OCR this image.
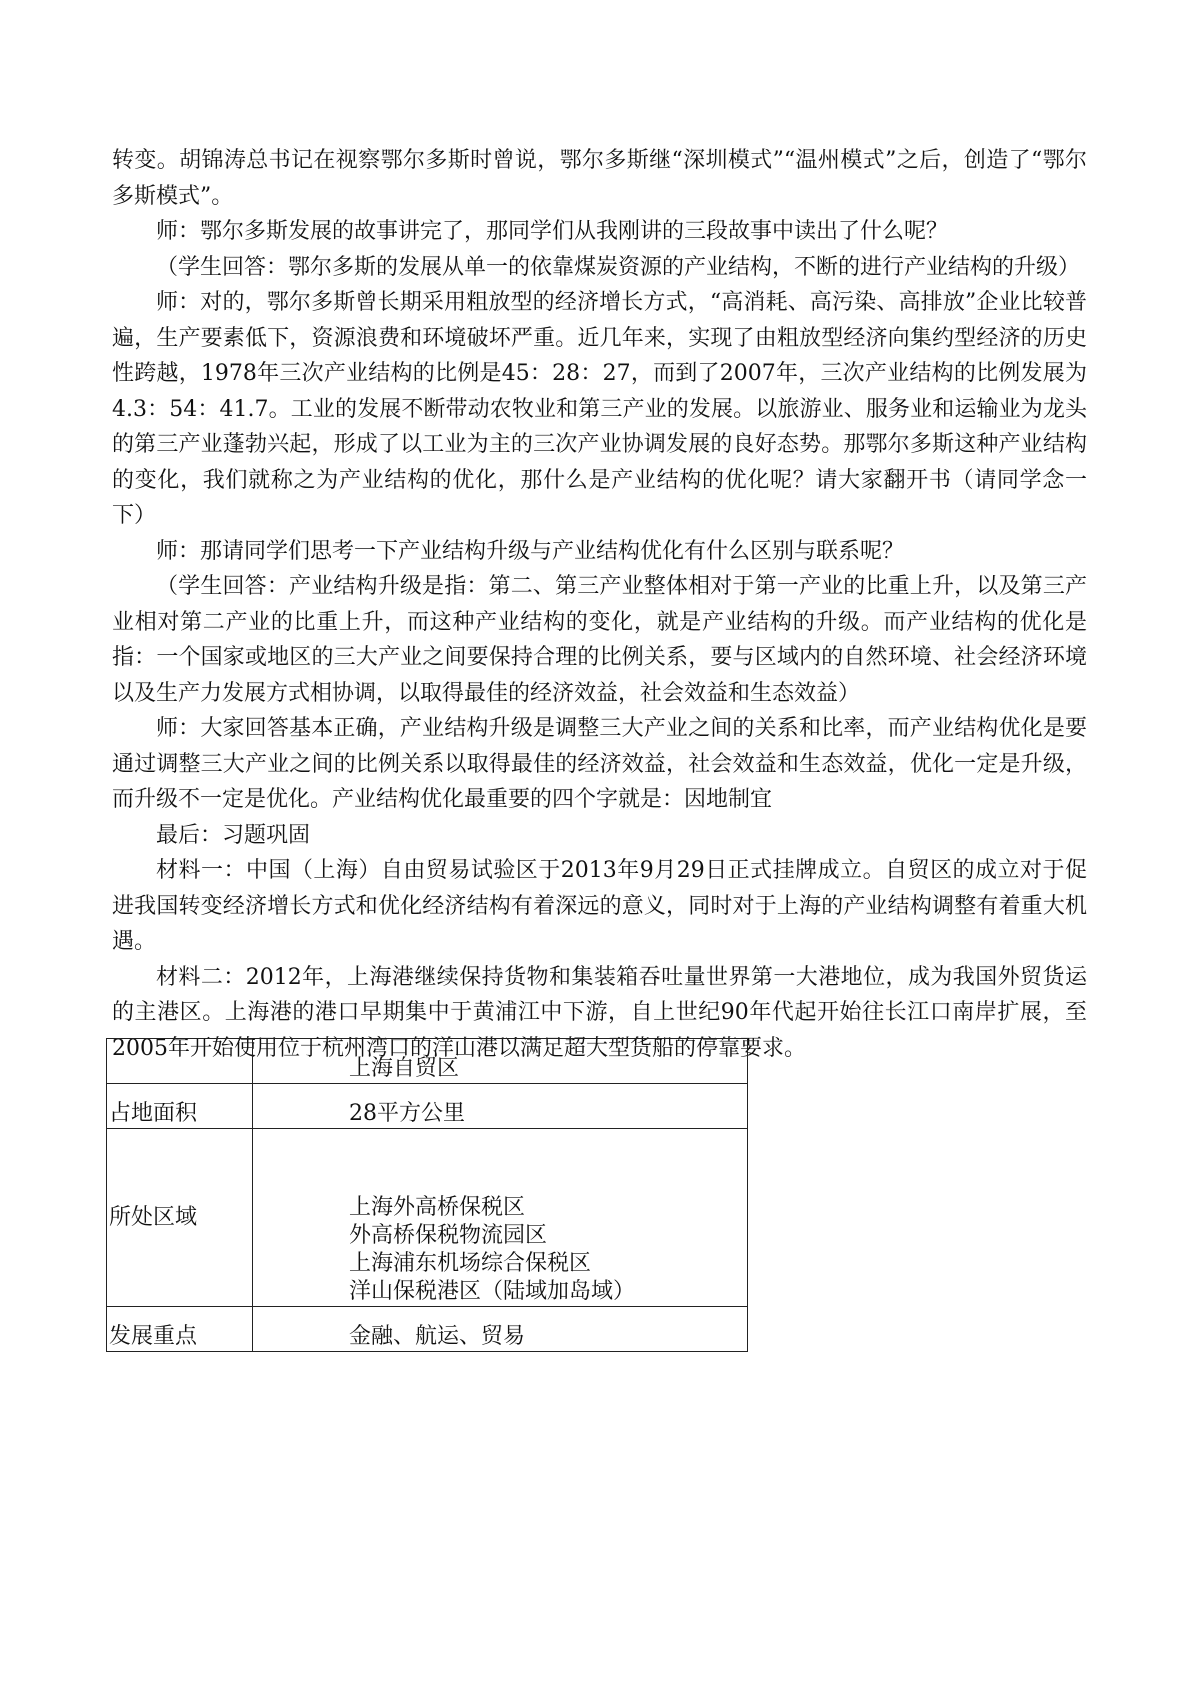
转变。胡锦涛总书记在视察鄂尔多斯时曾说，鄂尔多斯继“深圳模式”“温州模式”之后，创造了“鄂尔多斯模式”。

师：鄂尔多斯发展的故事讲完了，那同学们从我刚讲的三段故事中读出了什么呢？

（学生回答：鄂尔多斯的发展从单一的依靠煤炭资源的产业结构，不断的进行产业结构的升级）

师：对的，鄂尔多斯曾长期采用粗放型的经济增长方式，“高消耗、高污染、高排放”企业比较普遍，生产要素低下，资源浪费和环境破坏严重。近几年来，实现了由粗放型经济向集约型经济的历史性跨越，1978年三次产业结构的比例是45：28：27，而到了2007年，三次产业结构的比例发展为4.3：54：41.7。工业的发展不断带动农牧业和第三产业的发展。以旅游业、服务业和运输业为龙头的第三产业蓬勃兴起，形成了以工业为主的三次产业协调发展的良好态势。那鄂尔多斯这种产业结构的变化，我们就称之为产业结构的优化，那什么是产业结构的优化呢？请大家翻开书（请同学念一下）

师：那请同学们思考一下产业结构升级与产业结构优化有什么区别与联系呢？

（学生回答：产业结构升级是指：第二、第三产业整体相对于第一产业的比重上升，以及第三产业相对第二产业的比重上升，而这种产业结构的变化，就是产业结构的升级。而产业结构的优化是指：一个国家或地区的三大产业之间要保持合理的比例关系，要与区域内的自然环境、社会经济环境以及生产力发展方式相协调，以取得最佳的经济效益，社会效益和生态效益）

师：大家回答基本正确，产业结构升级是调整三大产业之间的关系和比率，而产业结构优化是要通过调整三大产业之间的比例关系以取得最佳的经济效益，社会效益和生态效益，优化一定是升级，而升级不一定是优化。产业结构优化最重要的四个字就是：因地制宜

最后：习题巩固

材料一：中国（上海）自由贸易试验区于2013年9月29日正式挂牌成立。自贸区的成立对于促进我国转变经济增长方式和优化经济结构有着深远的意义，同时对于上海的产业结构调整有着重大机遇。

材料二：2012年，上海港继续保持货物和集装箱吞吐量世界第一大港地位，成为我国外贸货运的主港区。上海港的港口早期集中于黄浦江中下游，自上世纪90年代起开始往长江口南岸扩展，至2005年开始使用位于杭州湾口的洋山港以满足超大型货船的停靠要求。

	上海自贸区

占地面积	28平方公里

所处区域	上海外高桥保税区
外高桥保税物流园区
上海浦东机场综合保税区
洋山保税港区（陆域加岛域）

发展重点	金融、航运、贸易
